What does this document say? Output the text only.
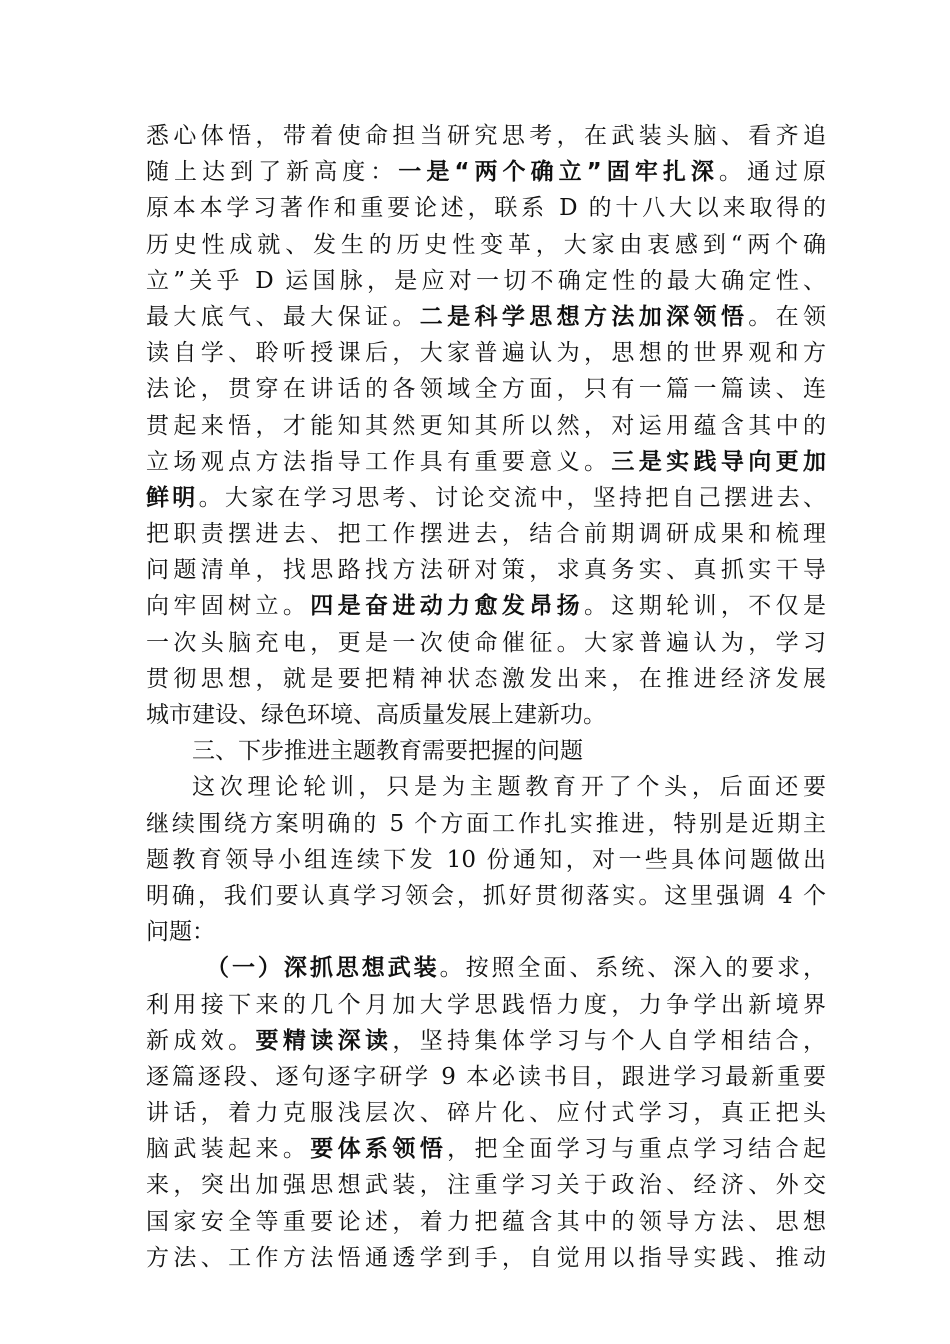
悉心体悟，带着使命担当研究思考，在武装头脑、看齐追
随上达到了新高度：一是“两个确立”固牢扎深。通过原
原本本学习著作和重要论述，联系 D 的十八大以来取得的
历史性成就、发生的历史性变革，大家由衷感到“两个确
立”关乎 D 运国脉，是应对一切不确定性的最大确定性、
最大底气、最大保证。二是科学思想方法加深领悟。在领
读自学、聆听授课后，大家普遍认为，思想的世界观和方
法论，贯穿在讲话的各领域全方面，只有一篇一篇读、连
贯起来悟，才能知其然更知其所以然，对运用蕴含其中的
立场观点方法指导工作具有重要意义。三是实践导向更加
鲜明。大家在学习思考、讨论交流中，坚持把自己摆进去、
把职责摆进去、把工作摆进去，结合前期调研成果和梳理
问题清单，找思路找方法研对策，求真务实、真抓实干导
向牢固树立。四是奋进动力愈发昂扬。这期轮训，不仅是
一次头脑充电，更是一次使命催征。大家普遍认为，学习
贯彻思想，就是要把精神状态激发出来，在推进经济发展
城市建设、绿色环境、高质量发展上建新功。
三、下步推进主题教育需要把握的问题
这次理论轮训，只是为主题教育开了个头，后面还要
继续围绕方案明确的 5 个方面工作扎实推进，特别是近期主
题教育领导小组连续下发 10 份通知，对一些具体问题做出
明确，我们要认真学习领会，抓好贯彻落实。这里强调 4 个
问题：
（一）深抓思想武装。按照全面、系统、深入的要求，
利用接下来的几个月加大学思践悟力度，力争学出新境界
新成效。要精读深读，坚持集体学习与个人自学相结合，
逐篇逐段、逐句逐字研学 9 本必读书目，跟进学习最新重要
讲话，着力克服浅层次、碎片化、应付式学习，真正把头
脑武装起来。要体系领悟，把全面学习与重点学习结合起
来，突出加强思想武装，注重学习关于政治、经济、外交
国家安全等重要论述，着力把蕴含其中的领导方法、思想
方法、工作方法悟通透学到手，自觉用以指导实践、推动
